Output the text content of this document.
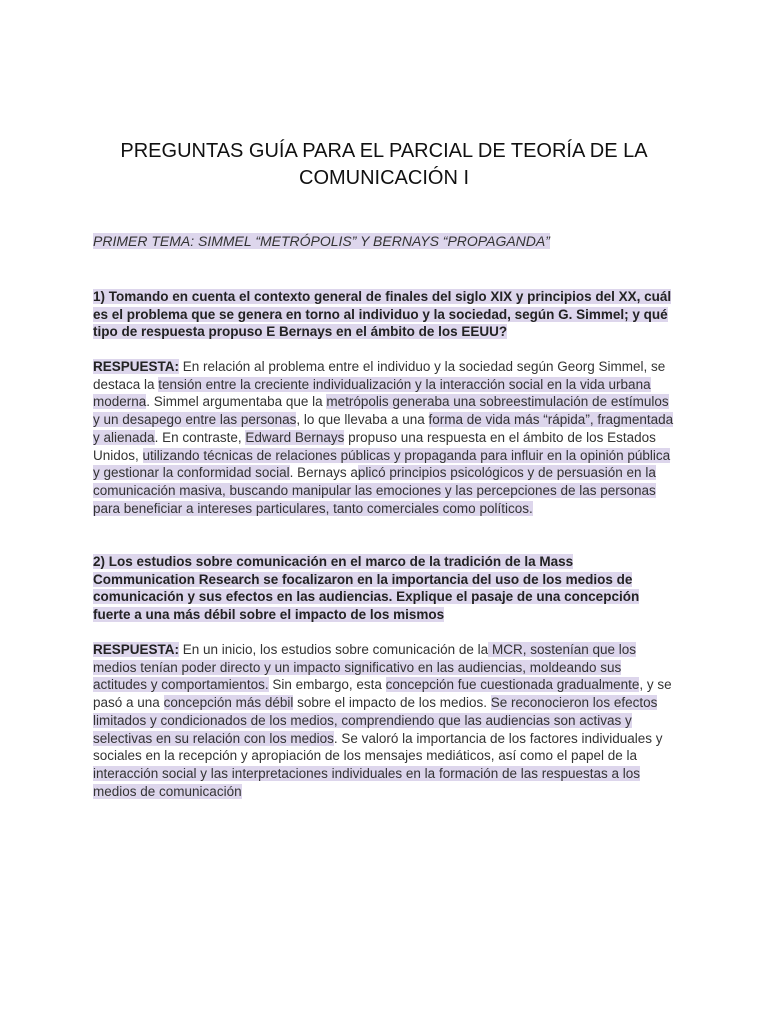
PREGUNTAS GUÍA PARA EL PARCIAL DE TEORÍA DE LA
COMUNICACIÓN I
PRIMER TEMA: SIMMEL “METRÓPOLIS” Y BERNAYS “PROPAGANDA”
1) Tomando en cuenta el contexto general de finales del siglo XIX y principios del XX, cuál es el problema que se genera en torno al individuo y la sociedad, según G. Simmel; y qué tipo de respuesta propuso E Bernays en el ámbito de los EEUU?
RESPUESTA: En relación al problema entre el individuo y la sociedad según Georg Simmel, se destaca la tensión entre la creciente individualización y la interacción social en la vida urbana moderna. Simmel argumentaba que la metrópolis generaba una sobreestimulación de estímulos y un desapego entre las personas, lo que llevaba a una forma de vida más “rápida”, fragmentada y alienada. En contraste, Edward Bernays propuso una respuesta en el ámbito de los Estados Unidos, utilizando técnicas de relaciones públicas y propaganda para influir en la opinión pública y gestionar la conformidad social. Bernays aplicó principios psicológicos y de persuasión en la comunicación masiva, buscando manipular las emociones y las percepciones de las personas para beneficiar a intereses particulares, tanto comerciales como políticos.
2) Los estudios sobre comunicación en el marco de la tradición de la Mass Communication Research se focalizaron en la importancia del uso de los medios de comunicación y sus efectos en las audiencias. Explique el pasaje de una concepción fuerte a una más débil sobre el impacto de los mismos
RESPUESTA: En un inicio, los estudios sobre comunicación de la MCR, sostenían que los medios tenían poder directo y un impacto significativo en las audiencias, moldeando sus actitudes y comportamientos. Sin embargo, esta concepción fue cuestionada gradualmente, y se pasó a una concepción más débil sobre el impacto de los medios. Se reconocieron los efectos limitados y condicionados de los medios, comprendiendo que las audiencias son activas y selectivas en su relación con los medios. Se valoró la importancia de los factores individuales y sociales en la recepción y apropiación de los mensajes mediáticos, así como el papel de la interacción social y las interpretaciones individuales en la formación de las respuestas a los medios de comunicación
